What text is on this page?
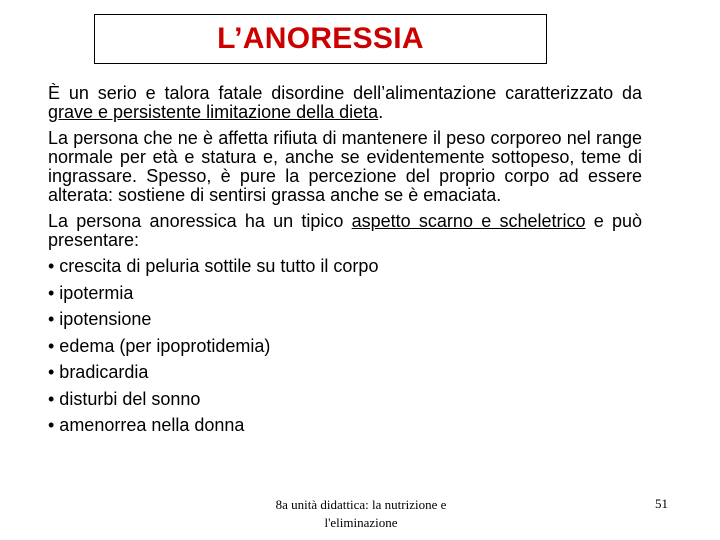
L’ANORESSIA

È un serio e talora fatale disordine dell’alimentazione caratterizzato da grave e persistente limitazione della dieta.

La persona che ne è affetta rifiuta di mantenere il peso corporeo nel range normale per età e statura e, anche se evidentemente sottopeso, teme di ingrassare. Spesso, è pure la percezione del proprio corpo ad essere alterata: sostiene di sentirsi grassa anche se è emaciata.

La persona anoressica ha un tipico aspetto scarno e scheletrico e può presentare:

• crescita di peluria sottile su tutto il corpo
• ipotermia
• ipotensione
• edema (per ipoprotidemia)
• bradicardia
• disturbi del sonno
• amenorrea nella donna
8a unità didattica: la nutrizione e l'eliminazione
51
